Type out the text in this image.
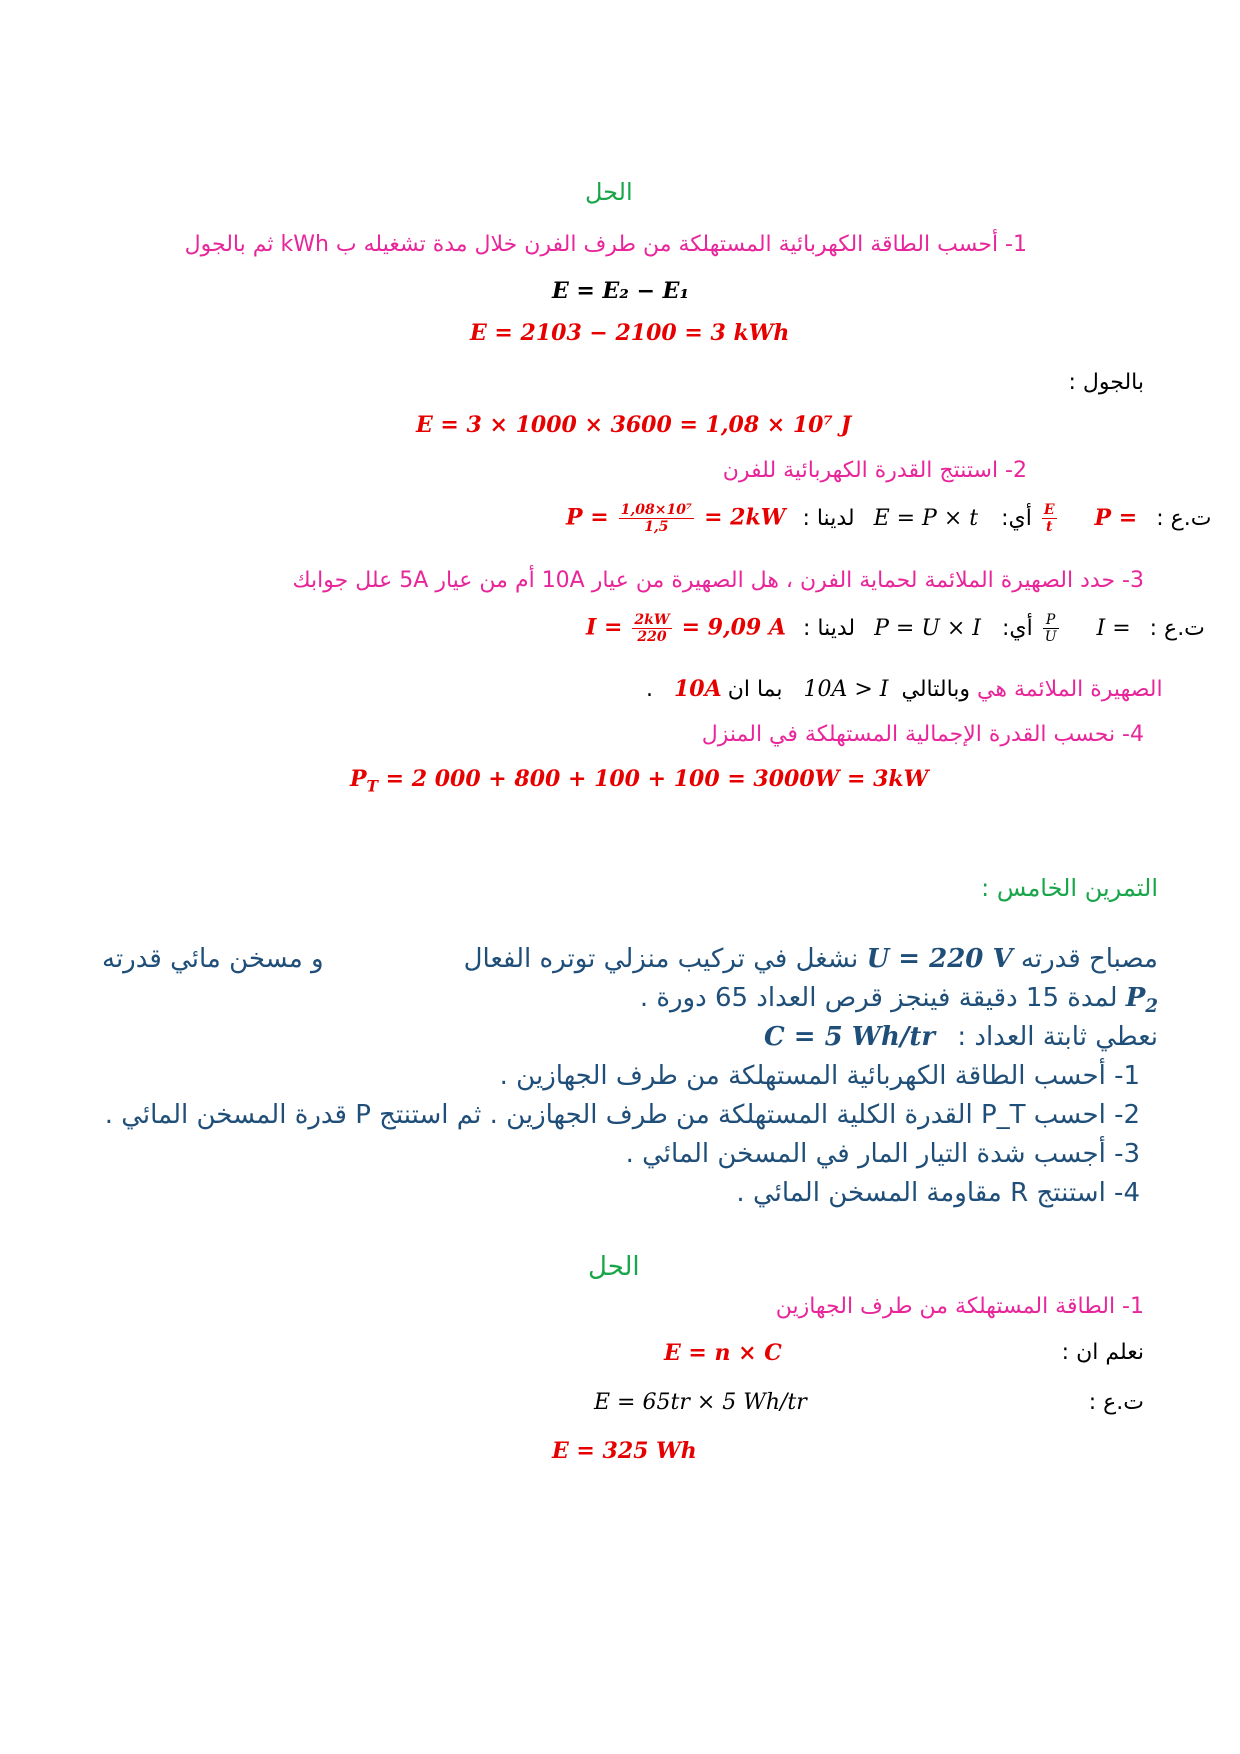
الحل
1- أحسب الطاقة الكهربائية المستهلكة من طرف الفرن خلال مدة تشغيله ب kWh ثم بالجول
E = E₂ − E₁
E = 2103 − 2100 = 3 kWh
بالجول :
E = 3 × 1000 × 3600 = 1,08 × 10⁷ J
2- استنتج القدرة الكهربائية للفرن
$P = \frac{\text{1,08×10⁷}}{1,5} = 2kW$	ت.ع : P =
$\frac{E}{t}$
أي: E = P × t لدينا :
3- حدد الصهيرة الملائمة لحماية الفرن ، هل الصهيرة من عيار 10A أم من عيار 5A علل جوابك
$I = \frac{2kW}{220} = 9,09$ A	ت.ع : I =
$\frac{P}{U}$
أي: P = U × I لدينا :
. 10A	الصهيرة الملائمة هي وبالتالي 10A > I بما ان
4- نحسب القدرة الإجمالية المستهلكة في المنزل
$P_T = 2$ 000 + 800 + 100 + 100 = 3000W = 3kW
التمرين الخامس :
و مسخن مائي قدرته	مصباح قدرته U = 220 V نشغل في تركيب منزلي توتره الفعال
لمدة 15 دقيقة فينجز قرص العداد 65 دورة . $P_2$
C = 5 Wh/tr نعطي ثابتة العداد :
1- أحسب الطاقة الكهربائية المستهلكة من طرف الجهازين .
2- احسب P_T القدرة الكلية المستهلكة من طرف الجهازين . ثم استنتج P قدرة المسخن المائي .
3- أجسب شدة التيار المار في المسخن المائي .
4- استنتج R مقاومة المسخن المائي .
الحل
1- الطاقة المستهلكة من طرف الجهازين
نعلم ان :
E = n × C
ت.ع :
E = 65tr × 5 Wh/tr
E = 325 Wh
